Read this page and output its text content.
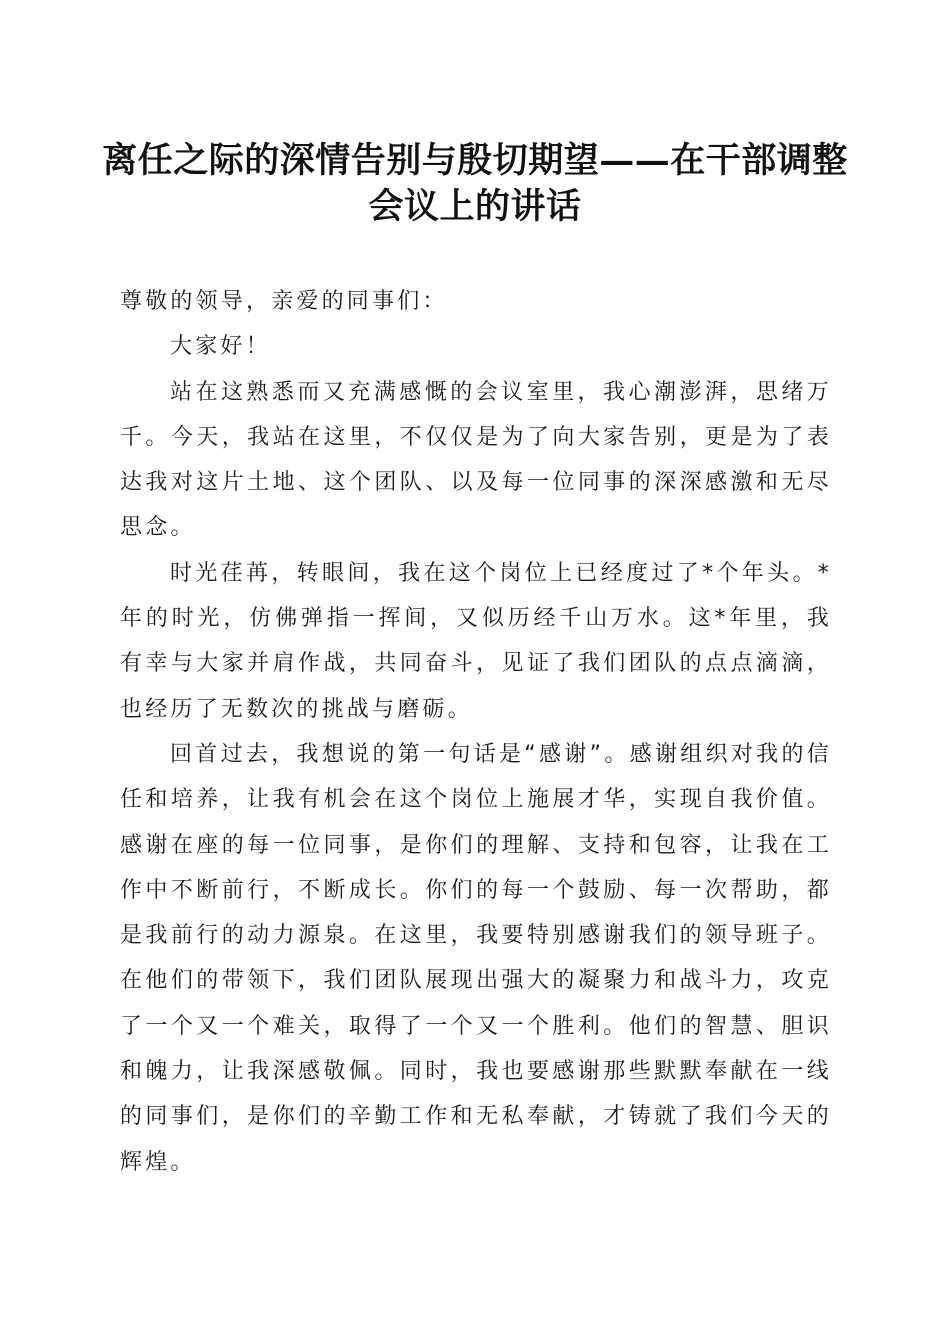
离任之际的深情告别与殷切期望——在干部调整会议上的讲话

尊敬的领导，亲爱的同事们：

大家好！

站在这熟悉而又充满感慨的会议室里，我心潮澎湃，思绪万千。今天，我站在这里，不仅仅是为了向大家告别，更是为了表达我对这片土地、这个团队、以及每一位同事的深深感激和无尽思念。

时光荏苒，转眼间，我在这个岗位上已经度过了*个年头。*年的时光，仿佛弹指一挥间，又似历经千山万水。这*年里，我有幸与大家并肩作战，共同奋斗，见证了我们团队的点点滴滴，也经历了无数次的挑战与磨砺。

回首过去，我想说的第一句话是“感谢”。感谢组织对我的信任和培养，让我有机会在这个岗位上施展才华，实现自我价值。感谢在座的每一位同事，是你们的理解、支持和包容，让我在工作中不断前行，不断成长。你们的每一个鼓励、每一次帮助，都是我前行的动力源泉。在这里，我要特别感谢我们的领导班子。在他们的带领下，我们团队展现出强大的凝聚力和战斗力，攻克了一个又一个难关，取得了一个又一个胜利。他们的智慧、胆识和魄力，让我深感敬佩。同时，我也要感谢那些默默奉献在一线的同事们，是你们的辛勤工作和无私奉献，才铸就了我们今天的辉煌。
